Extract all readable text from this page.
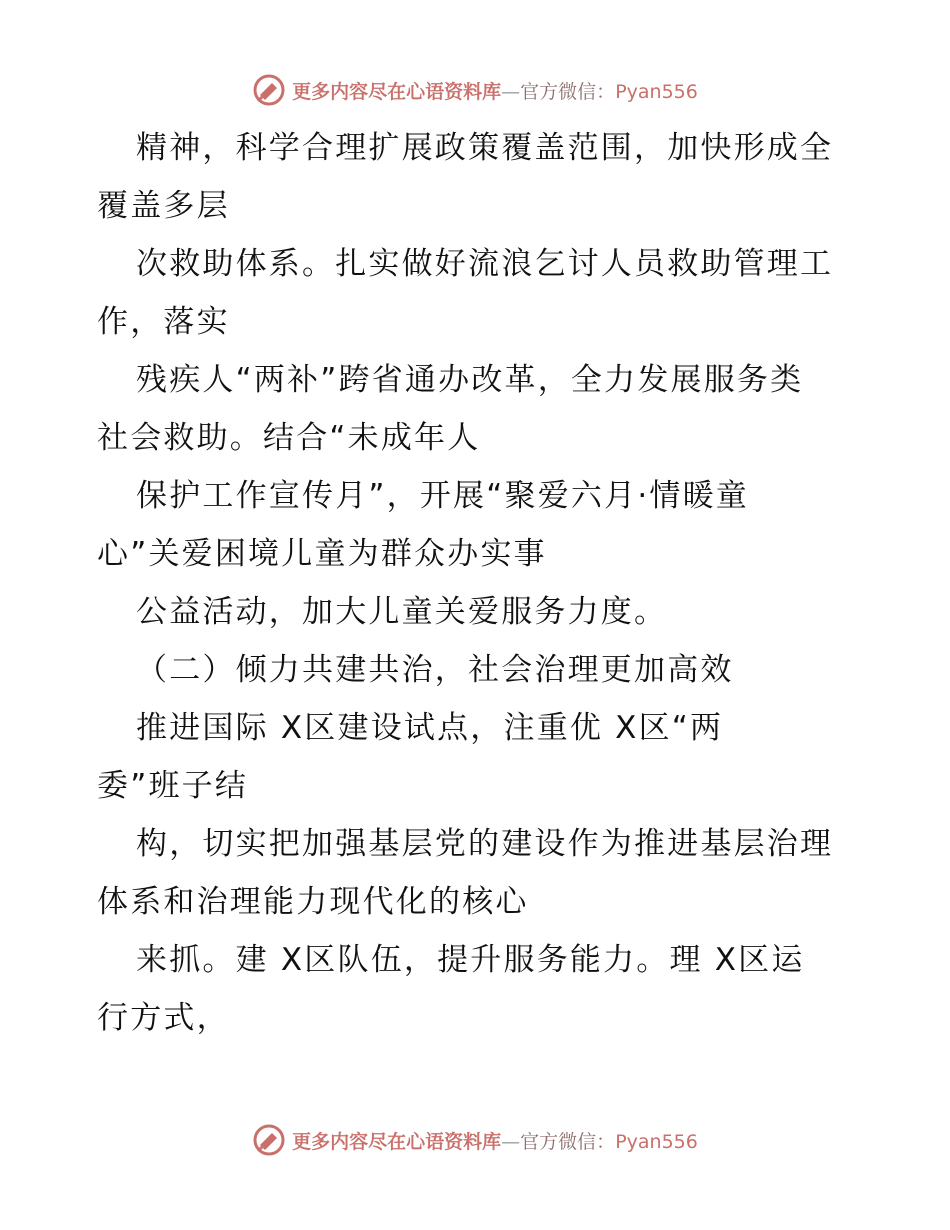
更多内容尽在心语资料库—官方微信：Pyan556
精神，科学合理扩展政策覆盖范围，加快形成全
覆盖多层
次救助体系。扎实做好流浪乞讨人员救助管理工
作，落实
残疾人“两补”跨省通办改革，全力发展服务类
社会救助。结合“未成年人
保护工作宣传月”，开展“聚爱六月·情暖童
心”关爱困境儿童为群众办实事
公益活动，加大儿童关爱服务力度。
（二）倾力共建共治，社会治理更加高效
推进国际 X区建设试点，注重优 X区“两
委”班子结
构，切实把加强基层党的建设作为推进基层治理
体系和治理能力现代化的核心
来抓。建 X区队伍，提升服务能力。理 X区运
行方式，
更多内容尽在心语资料库—官方微信：Pyan556
